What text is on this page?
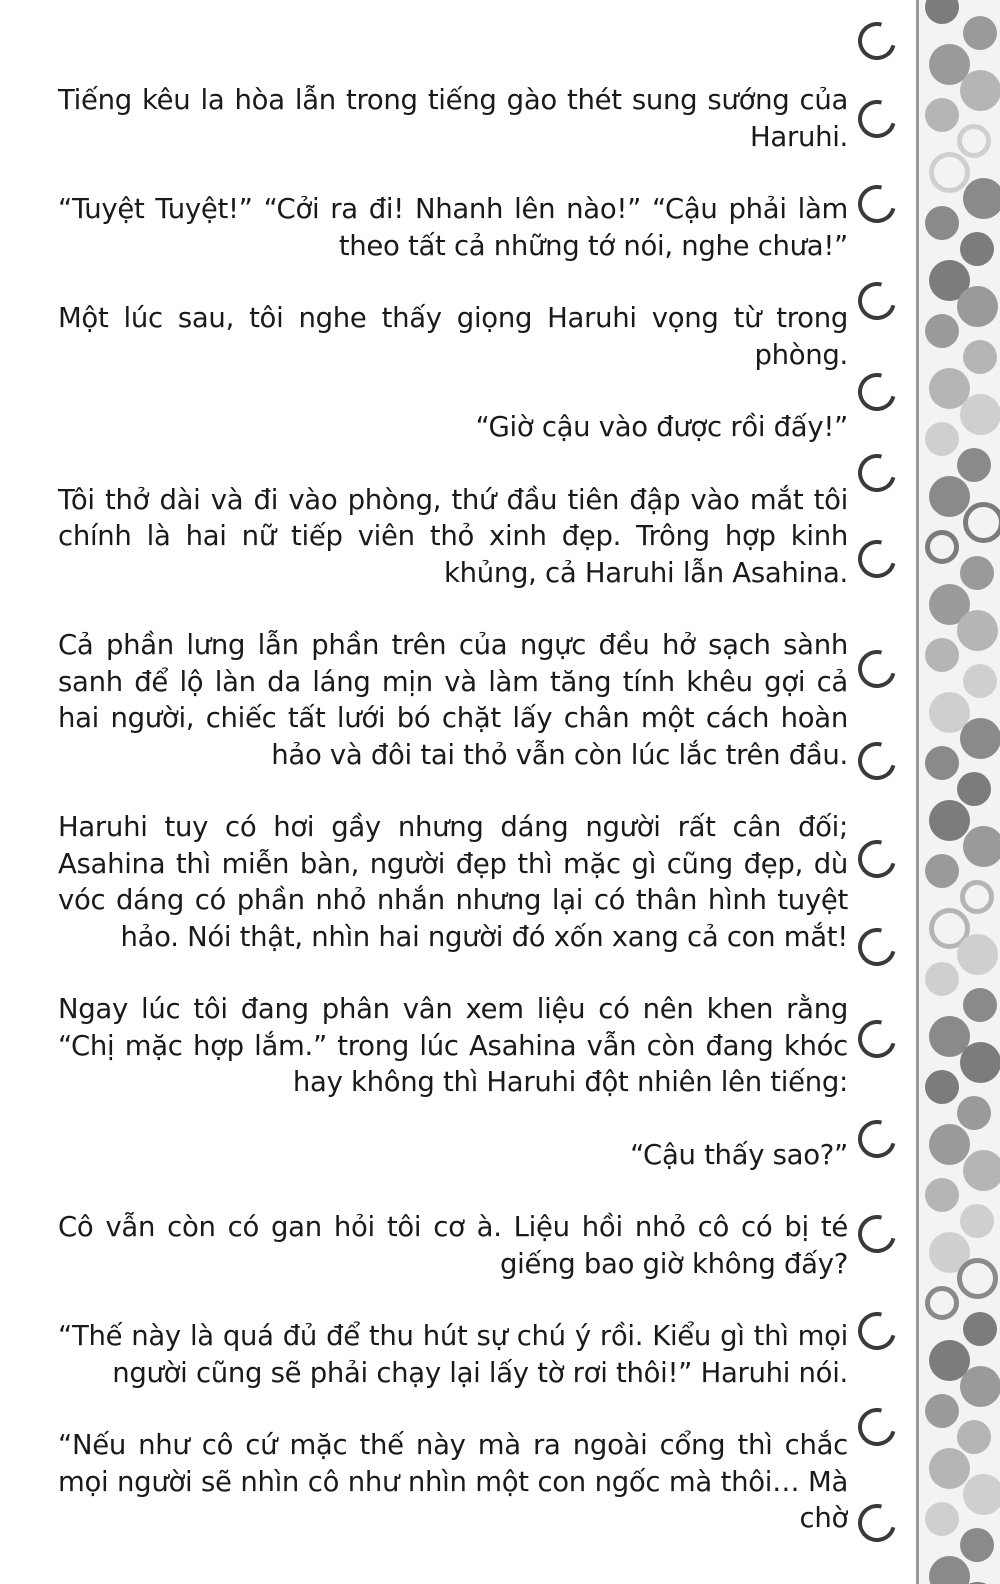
Tiếng kêu la hòa lẫn trong tiếng gào thét sung sướng của Haruhi.

“Tuyệt Tuyệt!” “Cởi ra đi! Nhanh lên nào!” “Cậu phải làm theo tất cả những tớ nói, nghe chưa!”

Một lúc sau, tôi nghe thấy giọng Haruhi vọng từ trong phòng.

“Giờ cậu vào được rồi đấy!”

Tôi thở dài và đi vào phòng, thứ đầu tiên đập vào mắt tôi chính là hai nữ tiếp viên thỏ xinh đẹp. Trông hợp kinh khủng, cả Haruhi lẫn Asahina.

Cả phần lưng lẫn phần trên của ngực đều hở sạch sành sanh để lộ làn da láng mịn và làm tăng tính khêu gợi cả hai người, chiếc tất lưới bó chặt lấy chân một cách hoàn hảo và đôi tai thỏ vẫn còn lúc lắc trên đầu.

Haruhi tuy có hơi gầy nhưng dáng người rất cân đối; Asahina thì miễn bàn, người đẹp thì mặc gì cũng đẹp, dù vóc dáng có phần nhỏ nhắn nhưng lại có thân hình tuyệt hảo. Nói thật, nhìn hai người đó xốn xang cả con mắt!

Ngay lúc tôi đang phân vân xem liệu có nên khen rằng “Chị mặc hợp lắm.” trong lúc Asahina vẫn còn đang khóc hay không thì Haruhi đột nhiên lên tiếng:

“Cậu thấy sao?”

Cô vẫn còn có gan hỏi tôi cơ à. Liệu hồi nhỏ cô có bị té giếng bao giờ không đấy?

“Thế này là quá đủ để thu hút sự chú ý rồi. Kiểu gì thì mọi người cũng sẽ phải chạy lại lấy tờ rơi thôi!” Haruhi nói.

“Nếu như cô cứ mặc thế này mà ra ngoài cổng thì chắc mọi người sẽ nhìn cô như nhìn một con ngốc mà thôi… Mà chờ
